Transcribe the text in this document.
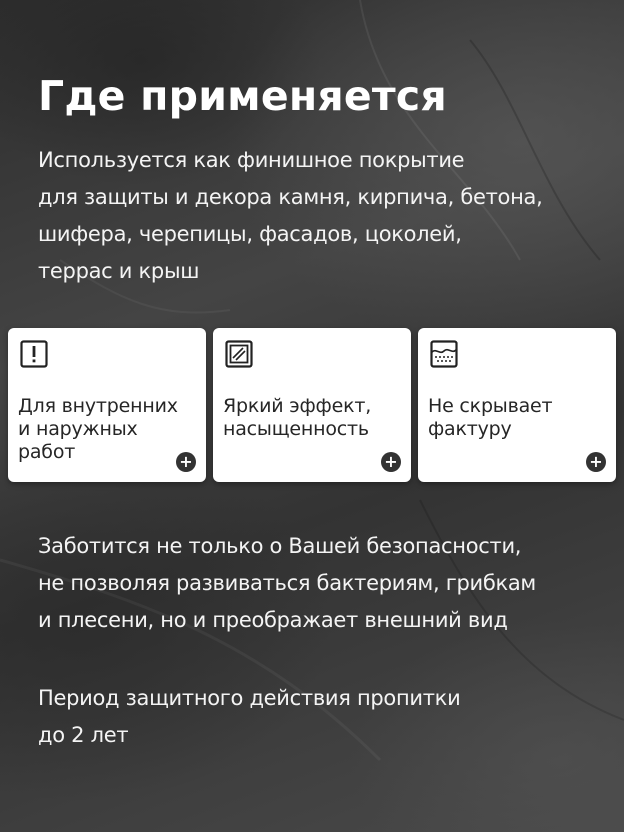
Где применяется

Используется как финишное покрытие
для защиты и декора камня, кирпича, бетона,
шифера, черепицы, фасадов, цоколей,
террас и крыш

Для внутренних
и наружных
работ	+
Яркий эффект,
насыщенность
+
Не скрывает
фактуру
+

Заботится не только о Вашей безопасности,
не позволяя развиваться бактериям, грибкам
и плесени, но и преображает внешний вид

Период защитного действия пропитки
до 2 лет
